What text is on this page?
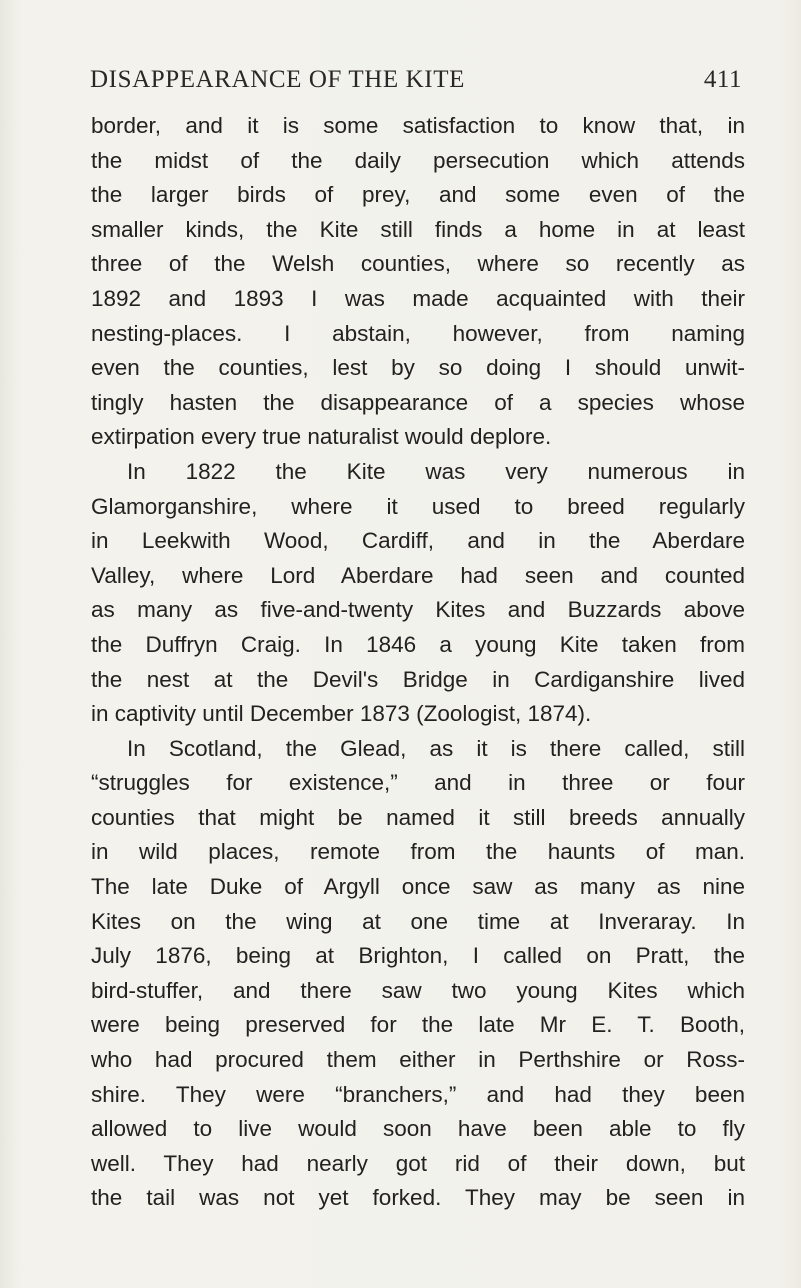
DISAPPEARANCE OF THE KITE	411
border, and it is some satisfaction to know that, in
the midst of the daily persecution which attends
the larger birds of prey, and some even of the
smaller kinds, the Kite still finds a home in at least
three of the Welsh counties, where so recently as
1892 and 1893 I was made acquainted with their
nesting-places. I abstain, however, from naming
even the counties, lest by so doing I should unwit-
tingly hasten the disappearance of a species whose
extirpation every true naturalist would deplore.
In 1822 the Kite was very numerous in
Glamorganshire, where it used to breed regularly
in Leekwith Wood, Cardiff, and in the Aberdare
Valley, where Lord Aberdare had seen and counted
as many as five-and-twenty Kites and Buzzards above
the Duffryn Craig. In 1846 a young Kite taken from
the nest at the Devil's Bridge in Cardiganshire lived
in captivity until December 1873 (Zoologist, 1874).
In Scotland, the Glead, as it is there called, still
“struggles for existence,” and in three or four
counties that might be named it still breeds annually
in wild places, remote from the haunts of man.
The late Duke of Argyll once saw as many as nine
Kites on the wing at one time at Inveraray. In
July 1876, being at Brighton, I called on Pratt, the
bird-stuffer, and there saw two young Kites which
were being preserved for the late Mr E. T. Booth,
who had procured them either in Perthshire or Ross-
shire. They were “branchers,” and had they been
allowed to live would soon have been able to fly
well. They had nearly got rid of their down, but
the tail was not yet forked. They may be seen in
